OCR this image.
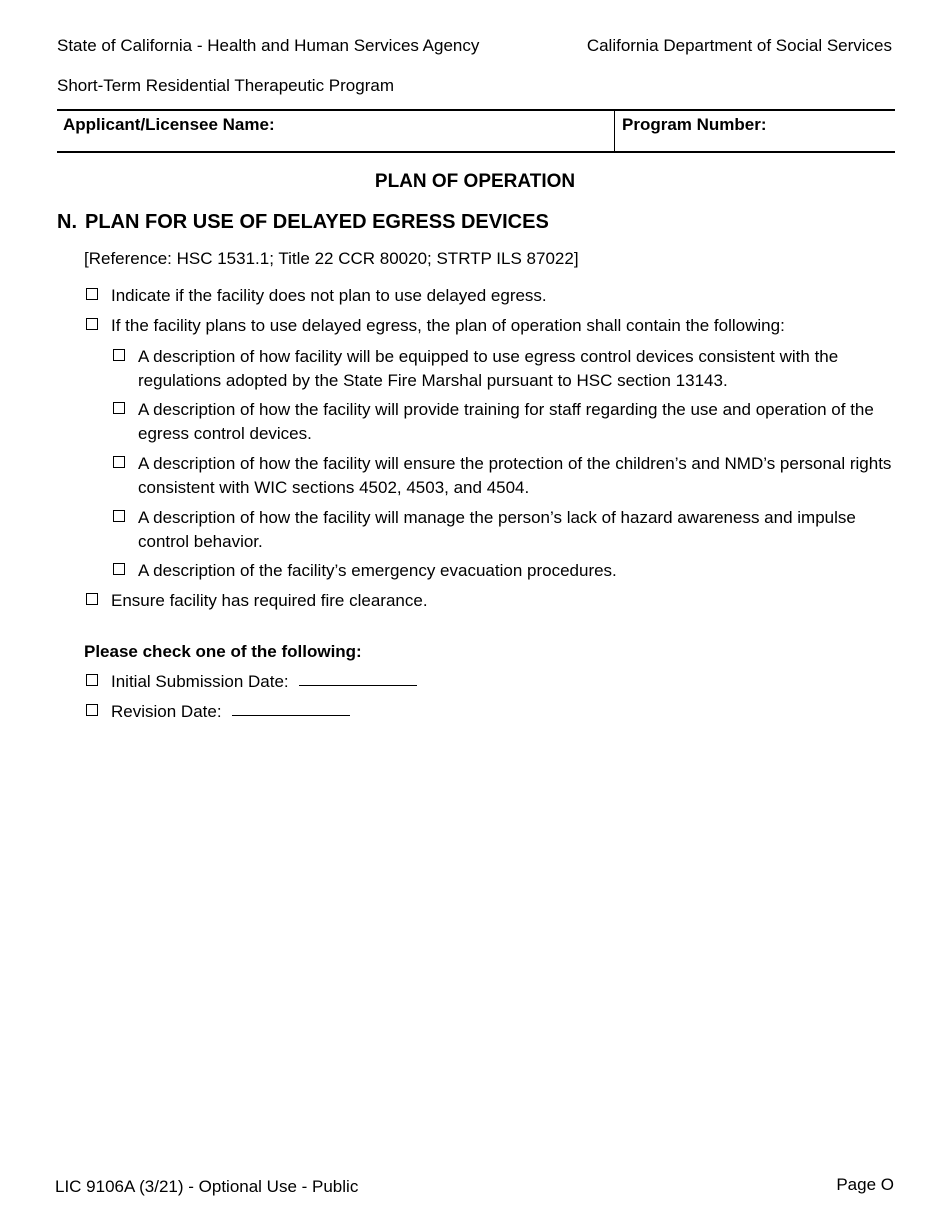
State of California - Health and Human Services Agency	California Department of Social Services
Short-Term Residential Therapeutic Program
Applicant/Licensee Name:	Program Number:
PLAN OF OPERATION
N. PLAN FOR USE OF DELAYED EGRESS DEVICES
[Reference: HSC 1531.1; Title 22 CCR 80020; STRTP ILS 87022]
Indicate if the facility does not plan to use delayed egress.
If the facility plans to use delayed egress, the plan of operation shall contain the following:
A description of how facility will be equipped to use egress control devices consistent with the regulations adopted by the State Fire Marshal pursuant to HSC section 13143.
A description of how the facility will provide training for staff regarding the use and operation of the egress control devices.
A description of how the facility will ensure the protection of the children’s and NMD’s personal rights consistent with WIC sections 4502, 4503, and 4504.
A description of how the facility will manage the person’s lack of hazard awareness and impulse control behavior.
A description of the facility’s emergency evacuation procedures.
Ensure facility has required fire clearance.
Please check one of the following:
Initial Submission Date:
Revision Date:
LIC 9106A (3/21) - Optional Use - Public	Page O
